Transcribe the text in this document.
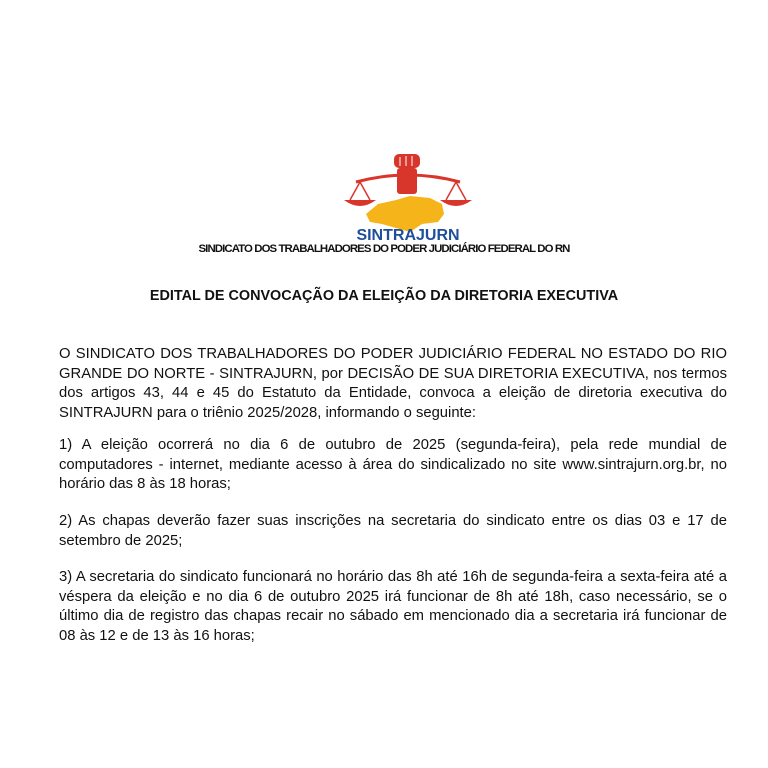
SINTRAJURN
SINDICATO DOS TRABALHADORES DO PODER JUDICIÁRIO FEDERAL DO RN
EDITAL DE CONVOCAÇÃO DA ELEIÇÃO DA DIRETORIA EXECUTIVA

O SINDICATO DOS TRABALHADORES DO PODER JUDICIÁRIO FEDERAL NO ESTADO DO RIO GRANDE DO NORTE - SINTRAJURN, por DECISÃO DE SUA DIRETORIA EXECUTIVA, nos termos dos artigos 43, 44 e 45 do Estatuto da Entidade, convoca a eleição de diretoria executiva do SINTRAJURN para o triênio 2025/2028, informando o seguinte:

1) A eleição ocorrerá no dia 6 de outubro de 2025 (segunda-feira), pela rede mundial de computadores - internet, mediante acesso à área do sindicalizado no site www.sintrajurn.org.br, no horário das 8 às 18 horas;

2) As chapas deverão fazer suas inscrições na secretaria do sindicato entre os dias 03 e 17 de setembro de 2025;

3) A secretaria do sindicato funcionará no horário das 8h até 16h de segunda-feira a sexta-feira até a véspera da eleição e no dia 6 de outubro 2025 irá funcionar de 8h até 18h, caso necessário, se o último dia de registro das chapas recair no sábado em mencionado dia a secretaria irá funcionar de 08 às 12 e de 13 às 16 horas;
